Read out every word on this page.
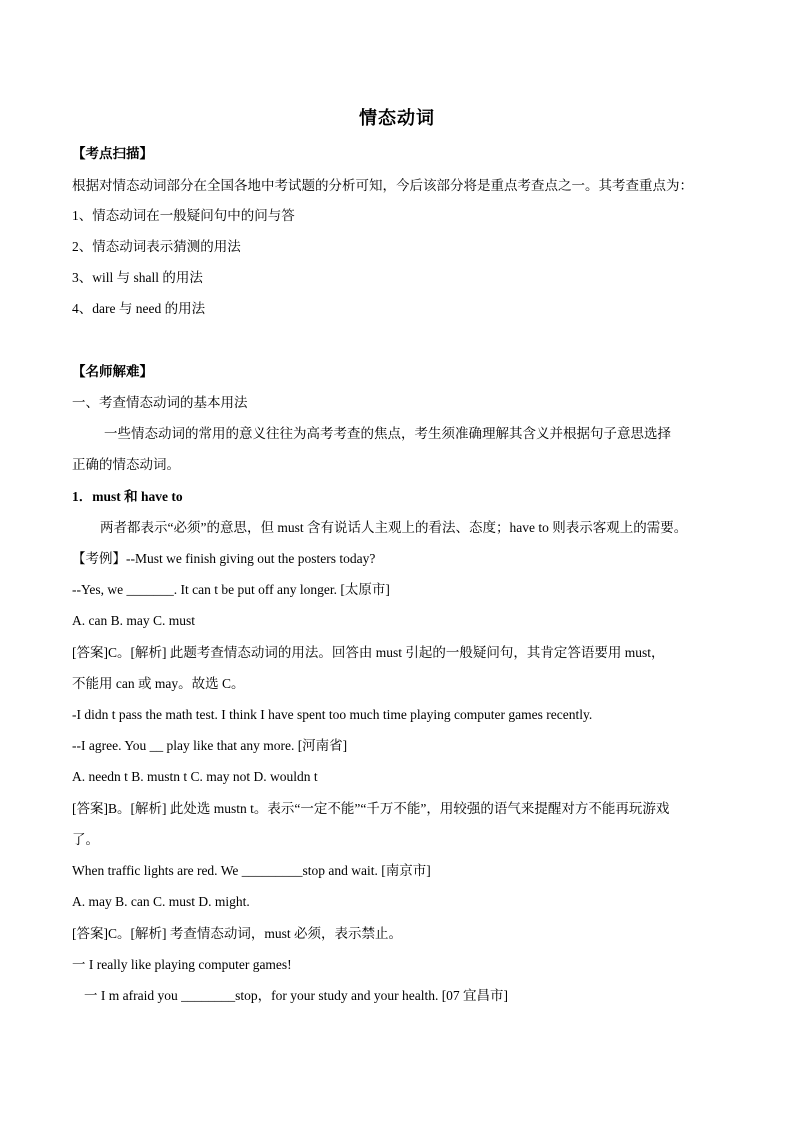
情态动词
【考点扫描】
根据对情态动词部分在全国各地中考试题的分析可知，今后该部分将是重点考查点之一。其考查重点为：
1、情态动词在一般疑问句中的问与答
2、情态动词表示猜测的用法
3、will 与 shall 的用法
4、dare 与 need 的用法
【名师解难】
一、考查情态动词的基本用法
一些情态动词的常用的意义往往为高考考查的焦点，考生须准确理解其含义并根据句子意思选择
正确的情态动词。
1．must 和 have to
两者都表示“必须”的意思，但 must 含有说话人主观上的看法、态度；have to 则表示客观上的需要。
【考例】--Must we finish giving out the posters today?
--Yes, we _______. It can t be put off any longer. [太原市]
A. can B. may C. must
[答案]C。[解析] 此题考查情态动词的用法。回答由 must 引起的一般疑问句，其肯定答语要用 must，
不能用 can 或 may。故选 C。
-I didn t pass the math test. I think I have spent too much time playing computer games recently.
--I agree. You __ play like that any more. [河南省]
A. needn t B. mustn t C. may not D. wouldn t
[答案]B。[解析] 此处选 mustn t。表示“一定不能”“千万不能”，用较强的语气来提醒对方不能再玩游戏
了。
When traffic lights are red. We _________stop and wait. [南京市]
A. may B. can C. must D. might.
[答案]C。[解析] 考查情态动词，must 必须，表示禁止。
一 I really like playing computer games!
一 I m afraid you ________stop，for your study and your health. [07 宜昌市]
